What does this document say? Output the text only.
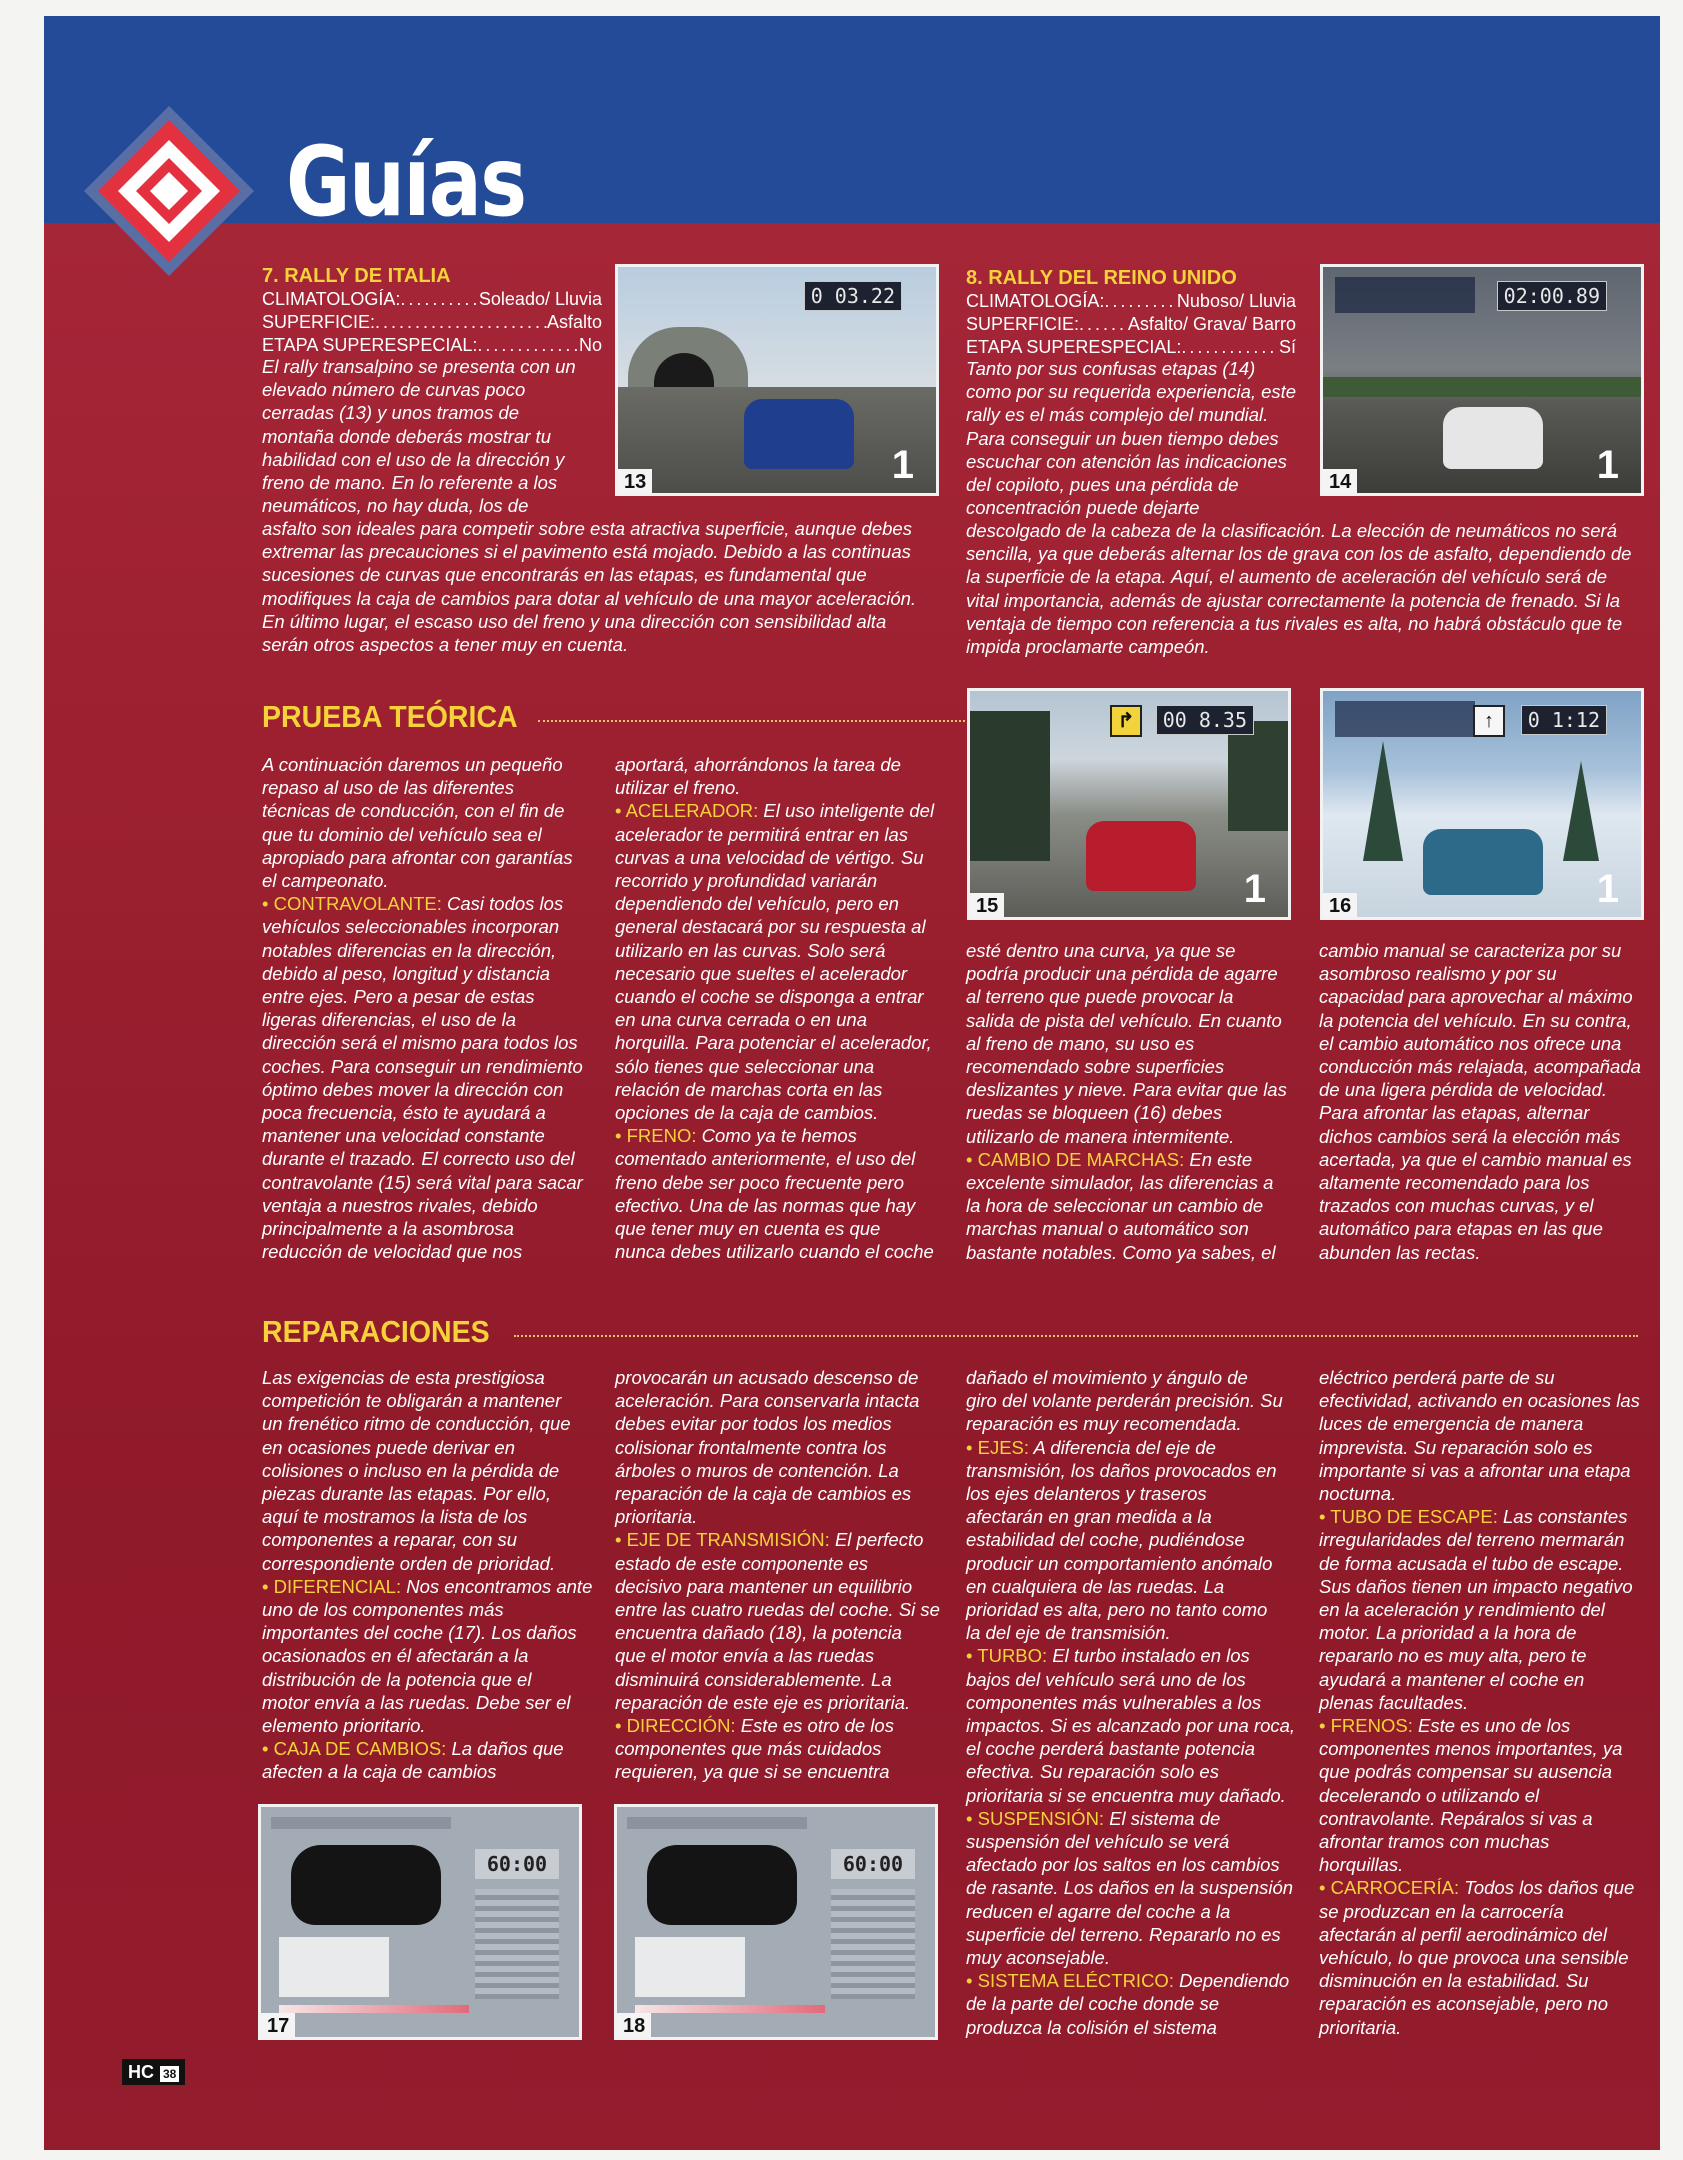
Guías
7. RALLY DE ITALIA
CLIMATOLOGÍA: .....	Soleado/ Lluvia
SUPERFICIE: .....	Asfalto
ETAPA SUPERESPECIAL: .....	No

El rally transalpino se presenta con un

elevado número de curvas poco

cerradas (13) y unos tramos de

montaña donde deberás mostrar tu

habilidad con el uso de la dirección y

freno de mano. En lo referente a los

neumáticos, no hay duda, los de

asfalto son ideales para competir sobre esta atractiva superficie, aunque debes

extremar las precauciones si el pavimento está mojado. Debido a las continuas

sucesiones de curvas que encontrarás en las etapas, es fundamental que

modifiques la caja de cambios para dotar al vehículo de una mayor aceleración.

En último lugar, el escaso uso del freno y una dirección con sensibilidad alta

serán otros aspectos a tener muy en cuenta.

0 03.22
1
13
8. RALLY DEL REINO UNIDO
CLIMATOLOGÍA: .....	Nuboso/ Lluvia
SUPERFICIE: .....	Asfalto/ Grava/ Barro
ETAPA SUPERESPECIAL: .....	Sí

Tanto por sus confusas etapas (14)

como por su requerida experiencia, este

rally es el más complejo del mundial.

Para conseguir un buen tiempo debes

escuchar con atención las indicaciones

del copiloto, pues una pérdida de

concentración puede dejarte

descolgado de la cabeza de la clasificación. La elección de neumáticos no será

sencilla, ya que deberás alternar los de grava con los de asfalto, dependiendo de

la superficie de la etapa. Aquí, el aumento de aceleración del vehículo será de

vital importancia, además de ajustar correctamente la potencia de frenado. Si la

ventaja de tiempo con referencia a tus rivales es alta, no habrá obstáculo que te

impida proclamarte campeón.

02:00.89
1
14
PRUEBA TEÓRICA	↱	00 8.35
1
15
↑	0 1:12
1
16

A continuación daremos un pequeño

repaso al uso de las diferentes

técnicas de conducción, con el fin de

que tu dominio del vehículo sea el

apropiado para afrontar con garantías

el campeonato.

• CONTRAVOLANTE: Casi todos los

vehículos seleccionables incorporan

notables diferencias en la dirección,

debido al peso, longitud y distancia

entre ejes. Pero a pesar de estas

ligeras diferencias, el uso de la

dirección será el mismo para todos los

coches. Para conseguir un rendimiento

óptimo debes mover la dirección con

poca frecuencia, ésto te ayudará a

mantener una velocidad constante

durante el trazado. El correcto uso del

contravolante (15) será vital para sacar

ventaja a nuestros rivales, debido

principalmente a la asombrosa

reducción de velocidad que nos

aportará, ahorrándonos la tarea de

utilizar el freno.

• ACELERADOR: El uso inteligente del

acelerador te permitirá entrar en las

curvas a una velocidad de vértigo. Su

recorrido y profundidad variarán

dependiendo del vehículo, pero en

general destacará por su respuesta al

utilizarlo en las curvas. Solo será

necesario que sueltes el acelerador

cuando el coche se disponga a entrar

en una curva cerrada o en una

horquilla. Para potenciar el acelerador,

sólo tienes que seleccionar una

relación de marchas corta en las

opciones de la caja de cambios.

• FRENO: Como ya te hemos

comentado anteriormente, el uso del

freno debe ser poco frecuente pero

efectivo. Una de las normas que hay

que tener muy en cuenta es que

nunca debes utilizarlo cuando el coche

esté dentro una curva, ya que se

podría producir una pérdida de agarre

al terreno que puede provocar la

salida de pista del vehículo. En cuanto

al freno de mano, su uso es

recomendado sobre superficies

deslizantes y nieve. Para evitar que las

ruedas se bloqueen (16) debes

utilizarlo de manera intermitente.

• CAMBIO DE MARCHAS: En este

excelente simulador, las diferencias a

la hora de seleccionar un cambio de

marchas manual o automático son

bastante notables. Como ya sabes, el

cambio manual se caracteriza por su

asombroso realismo y por su

capacidad para aprovechar al máximo

la potencia del vehículo. En su contra,

el cambio automático nos ofrece una

conducción más relajada, acompañada

de una ligera pérdida de velocidad.

Para afrontar las etapas, alternar

dichos cambios será la elección más

acertada, ya que el cambio manual es

altamente recomendado para los

trazados con muchas curvas, y el

automático para etapas en las que

abunden las rectas.

REPARACIONES

Las exigencias de esta prestigiosa

competición te obligarán a mantener

un frenético ritmo de conducción, que

en ocasiones puede derivar en

colisiones o incluso en la pérdida de

piezas durante las etapas. Por ello,

aquí te mostramos la lista de los

componentes a reparar, con su

correspondiente orden de prioridad.

• DIFERENCIAL: Nos encontramos ante

uno de los componentes más

importantes del coche (17). Los daños

ocasionados en él afectarán a la

distribución de la potencia que el

motor envía a las ruedas. Debe ser el

elemento prioritario.

• CAJA DE CAMBIOS: La daños que

afecten a la caja de cambios

provocarán un acusado descenso de

aceleración. Para conservarla intacta

debes evitar por todos los medios

colisionar frontalmente contra los

árboles o muros de contención. La

reparación de la caja de cambios es

prioritaria.

• EJE DE TRANSMISIÓN: El perfecto

estado de este componente es

decisivo para mantener un equilibrio

entre las cuatro ruedas del coche. Si se

encuentra dañado (18), la potencia

que el motor envía a las ruedas

disminuirá considerablemente. La

reparación de este eje es prioritaria.

• DIRECCIÓN: Este es otro de los

componentes que más cuidados

requieren, ya que si se encuentra

dañado el movimiento y ángulo de

giro del volante perderán precisión. Su

reparación es muy recomendada.

• EJES: A diferencia del eje de

transmisión, los daños provocados en

los ejes delanteros y traseros

afectarán en gran medida a la

estabilidad del coche, pudiéndose

producir un comportamiento anómalo

en cualquiera de las ruedas. La

prioridad es alta, pero no tanto como

la del eje de transmisión.

• TURBO: El turbo instalado en los

bajos del vehículo será uno de los

componentes más vulnerables a los

impactos. Si es alcanzado por una roca,

el coche perderá bastante potencia

efectiva. Su reparación solo es

prioritaria si se encuentra muy dañado.

• SUSPENSIÓN: El sistema de

suspensión del vehículo se verá

afectado por los saltos en los cambios

de rasante. Los daños en la suspensión

reducen el agarre del coche a la

superficie del terreno. Repararlo no es

muy aconsejable.

• SISTEMA ELÉCTRICO: Dependiendo

de la parte del coche donde se

produzca la colisión el sistema

eléctrico perderá parte de su

efectividad, activando en ocasiones las

luces de emergencia de manera

imprevista. Su reparación solo es

importante si vas a afrontar una etapa

nocturna.

• TUBO DE ESCAPE: Las constantes

irregularidades del terreno mermarán

de forma acusada el tubo de escape.

Sus daños tienen un impacto negativo

en la aceleración y rendimiento del

motor. La prioridad a la hora de

repararlo no es muy alta, pero te

ayudará a mantener el coche en

plenas facultades.

• FRENOS: Este es uno de los

componentes menos importantes, ya

que podrás compensar su ausencia

decelerando o utilizando el

contravolante. Repáralos si vas a

afrontar tramos con muchas

horquillas.

• CARROCERÍA: Todos los daños que

se produzcan en la carrocería

afectarán al perfil aerodinámico del

vehículo, lo que provoca una sensible

disminución en la estabilidad. Su

reparación es aconsejable, pero no

prioritaria.

60:00
17
60:00
18
HC 38
